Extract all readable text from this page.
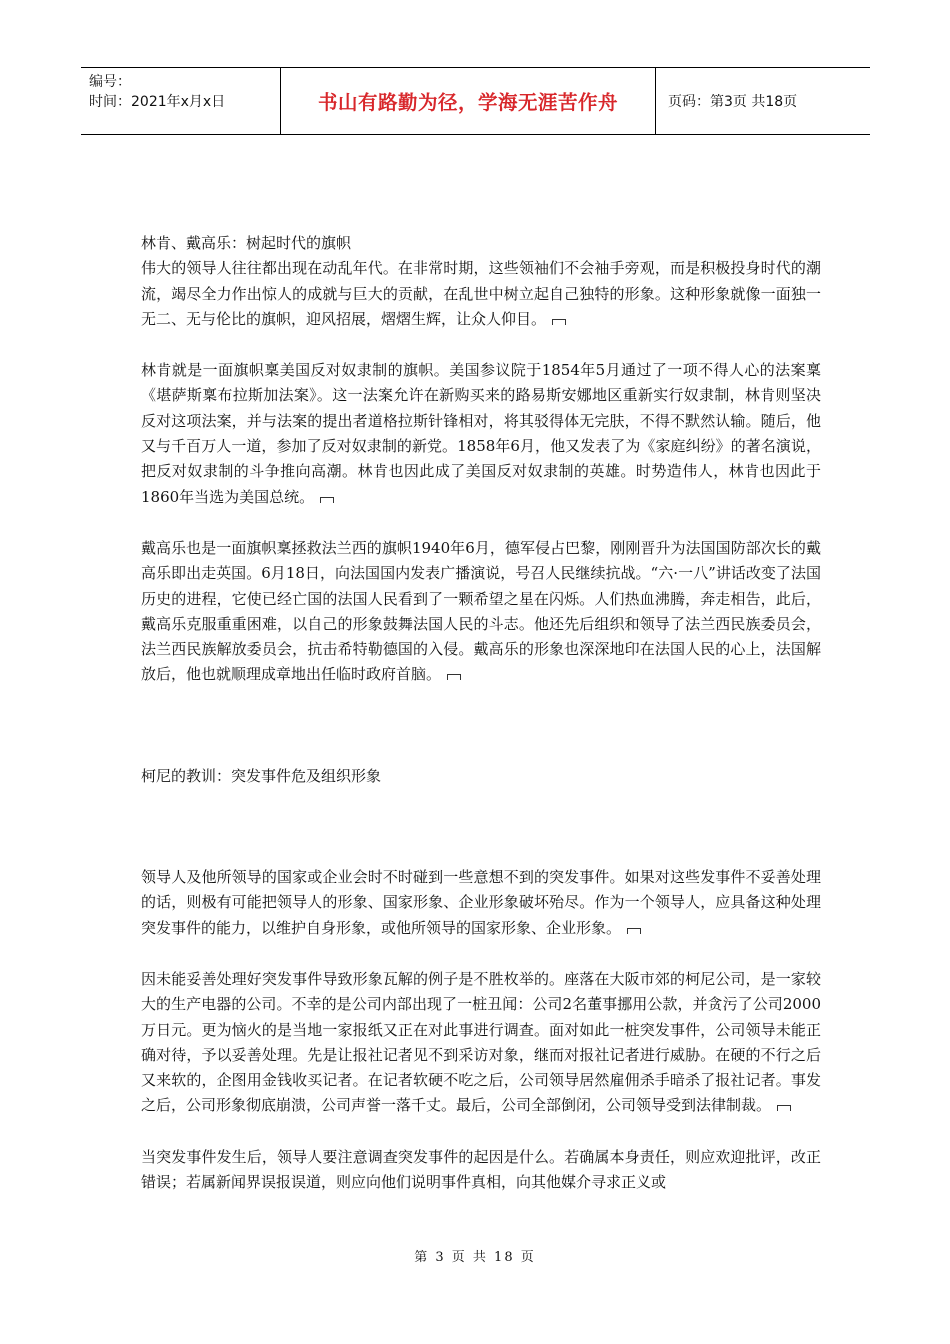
编号：
时间：2021年x月x日	书山有路勤为径，学海无涯苦作舟	页码：第3页 共18页

林肯、戴高乐：树起时代的旗帜

伟大的领导人往往都出现在动乱年代。在非常时期，这些领袖们不会袖手旁观，而是积极投身时代的潮流，竭尽全力作出惊人的成就与巨大的贡献，在乱世中树立起自己独特的形象。这种形象就像一面独一无二、无与伦比的旗帜，迎风招展，熠熠生辉，让众人仰目。

林肯就是一面旗帜稟美国反对奴隶制的旗帜。美国参议院于1854年5月通过了一项不得人心的法案稟《堪萨斯稟布拉斯加法案》。这一法案允许在新购买来的路易斯安娜地区重新实行奴隶制，林肯则坚决反对这项法案，并与法案的提出者道格拉斯针锋相对，将其驳得体无完肤，不得不默然认输。随后，他又与千百万人一道，参加了反对奴隶制的新党。1858年6月，他又发表了为《家庭纠纷》的著名演说，把反对奴隶制的斗争推向高潮。林肯也因此成了美国反对奴隶制的英雄。时势造伟人，林肯也因此于1860年当选为美国总统。

戴高乐也是一面旗帜稟拯救法兰西的旗帜1940年6月，德军侵占巴黎，刚刚晋升为法国国防部次长的戴高乐即出走英国。6月18日，向法国国内发表广播演说，号召人民继续抗战。“六·一八”讲话改变了法国历史的进程，它使已经亡国的法国人民看到了一颗希望之星在闪烁。人们热血沸腾，奔走相告，此后，戴高乐克服重重困难，以自己的形象鼓舞法国人民的斗志。他还先后组织和领导了法兰西民族委员会，法兰西民族解放委员会，抗击希特勒德国的入侵。戴高乐的形象也深深地印在法国人民的心上，法国解放后，他也就顺理成章地出任临时政府首脑。

柯尼的教训：突发事件危及组织形象

领导人及他所领导的国家或企业会时不时碰到一些意想不到的突发事件。如果对这些发事件不妥善处理的话，则极有可能把领导人的形象、国家形象、企业形象破坏殆尽。作为一个领导人，应具备这种处理突发事件的能力，以维护自身形象，或他所领导的国家形象、企业形象。

因未能妥善处理好突发事件导致形象瓦解的例子是不胜枚举的。座落在大阪市郊的柯尼公司，是一家较大的生产电器的公司。不幸的是公司内部出现了一桩丑闻：公司2名董事挪用公款，并贪污了公司2000万日元。更为恼火的是当地一家报纸又正在对此事进行调查。面对如此一桩突发事件，公司领导未能正确对待，予以妥善处理。先是让报社记者见不到采访对象，继而对报社记者进行威胁。在硬的不行之后又来软的，企图用金钱收买记者。在记者软硬不吃之后，公司领导居然雇佣杀手暗杀了报社记者。事发之后，公司形象彻底崩溃，公司声誉一落千丈。最后，公司全部倒闭，公司领导受到法律制裁。

当突发事件发生后，领导人要注意调查突发事件的起因是什么。若确属本身责任，则应欢迎批评，改正错误；若属新闻界误报误道，则应向他们说明事件真相，向其他媒介寻求正义或

第 3 页 共 18 页
